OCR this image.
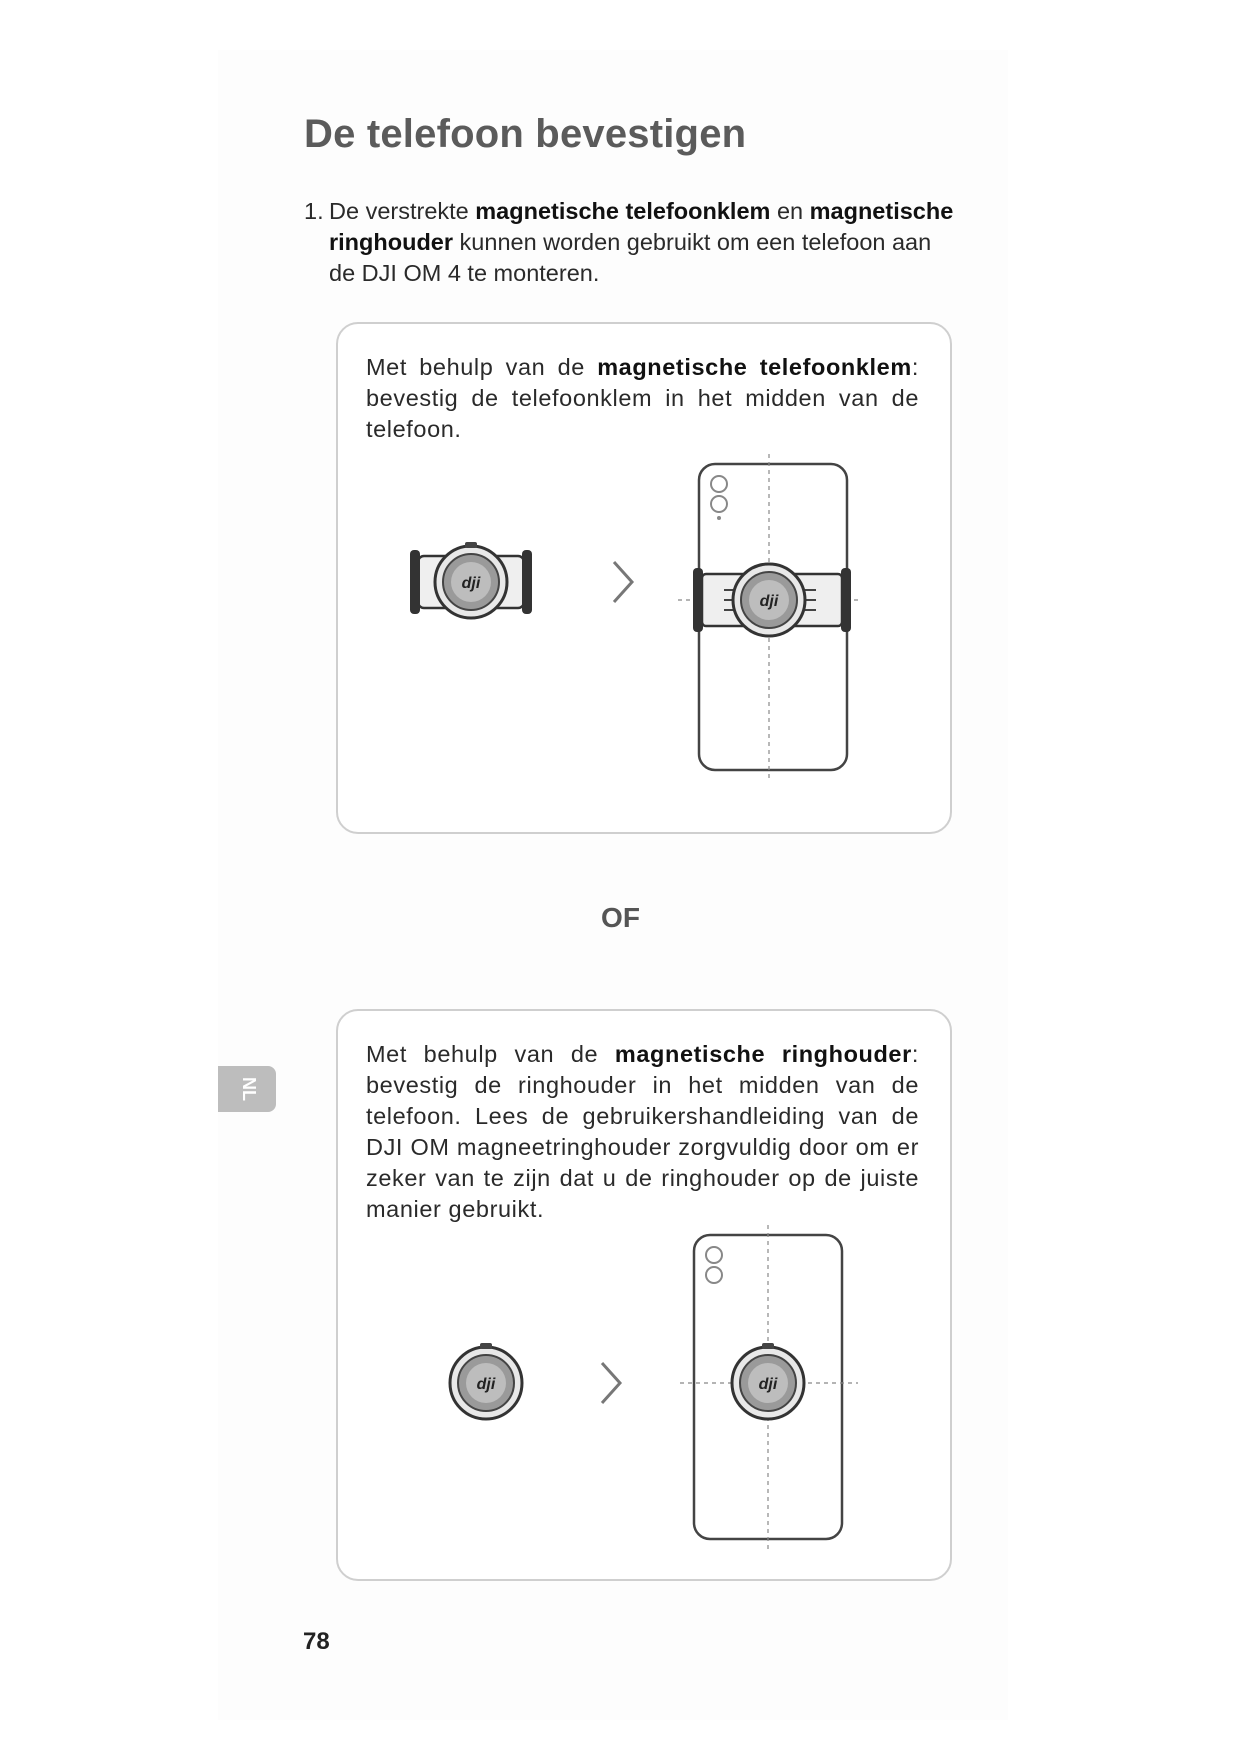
De telefoon bevestigen
1. De verstrekte magnetische telefoonklem en magnetische ringhouder kunnen worden gebruikt om een telefoon aan de DJI OM 4 te monteren.
Met behulp van de magnetische telefoonklem: bevestig de telefoonklem in het midden van de telefoon.
dji
dji
OF
Met behulp van de magnetische ringhouder: bevestig de ringhouder in het midden van de telefoon. Lees de gebruikershandleiding van de DJI OM magneetringhouder zorgvuldig door om er zeker van te zijn dat u de ringhouder op de juiste manier gebruikt.
dji	dji
NL
78
